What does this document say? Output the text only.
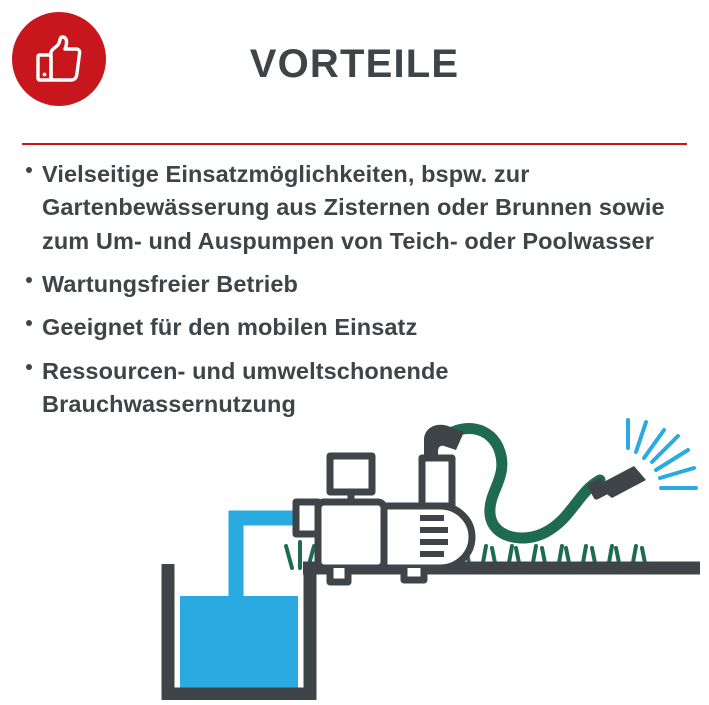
VORTEILE
Vielseitige Einsatzmöglichkeiten, bspw. zur Gartenbewässerung aus Zisternen oder Brunnen sowie zum Um- und Auspumpen von Teich- oder Poolwasser
Wartungsfreier Betrieb
Geeignet für den mobilen Einsatz
Ressourcen- und umweltschonende Brauchwassernutzung
